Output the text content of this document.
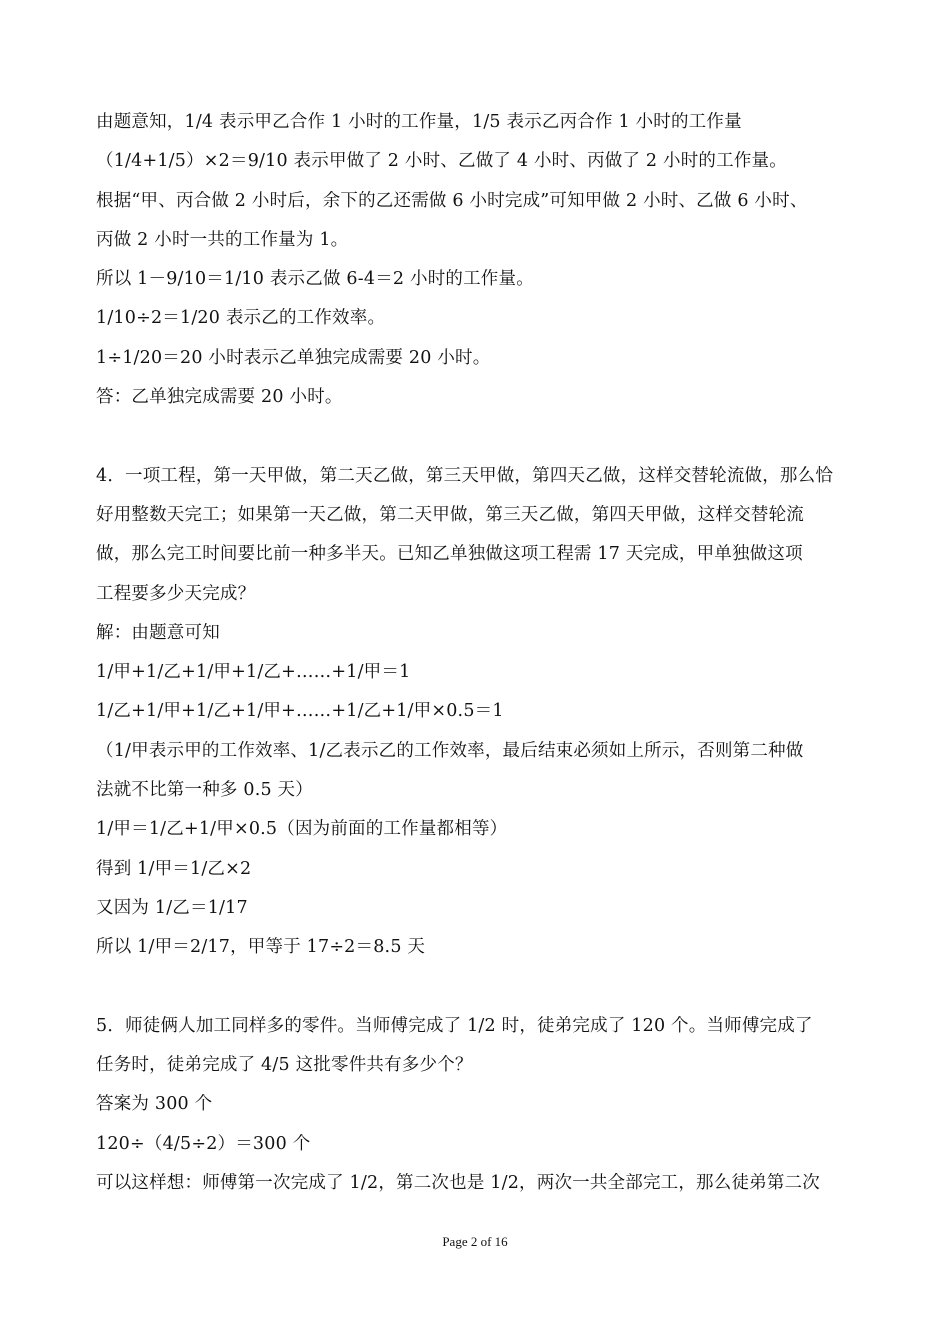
由题意知，1/4 表示甲乙合作 1 小时的工作量，1/5 表示乙丙合作 1 小时的工作量
（1/4+1/5）×2＝9/10 表示甲做了 2 小时、乙做了 4 小时、丙做了 2 小时的工作量。
根据“甲、丙合做 2 小时后，余下的乙还需做 6 小时完成”可知甲做 2 小时、乙做 6 小时、
丙做 2 小时一共的工作量为 1。
所以 1－9/10＝1/10 表示乙做 6-4＝2 小时的工作量。
1/10÷2＝1/20 表示乙的工作效率。
1÷1/20＝20 小时表示乙单独完成需要 20 小时。
答：乙单独完成需要 20 小时。
4．一项工程，第一天甲做，第二天乙做，第三天甲做，第四天乙做，这样交替轮流做，那么恰
好用整数天完工；如果第一天乙做，第二天甲做，第三天乙做，第四天甲做，这样交替轮流
做，那么完工时间要比前一种多半天。已知乙单独做这项工程需 17 天完成，甲单独做这项
工程要多少天完成？
解：由题意可知
1/甲+1/乙+1/甲+1/乙+……+1/甲＝1
1/乙+1/甲+1/乙+1/甲+……+1/乙+1/甲×0.5＝1
（1/甲表示甲的工作效率、1/乙表示乙的工作效率，最后结束必须如上所示，否则第二种做
法就不比第一种多 0.5 天）
1/甲＝1/乙+1/甲×0.5（因为前面的工作量都相等）
得到 1/甲＝1/乙×2
又因为 1/乙＝1/17
所以 1/甲＝2/17，甲等于 17÷2＝8.5 天
5．师徒俩人加工同样多的零件。当师傅完成了 1/2 时，徒弟完成了 120 个。当师傅完成了
任务时，徒弟完成了 4/5 这批零件共有多少个？
答案为 300 个
120÷（4/5÷2）＝300 个
可以这样想：师傅第一次完成了 1/2，第二次也是 1/2，两次一共全部完工，那么徒弟第二次
Page 2 of 16
